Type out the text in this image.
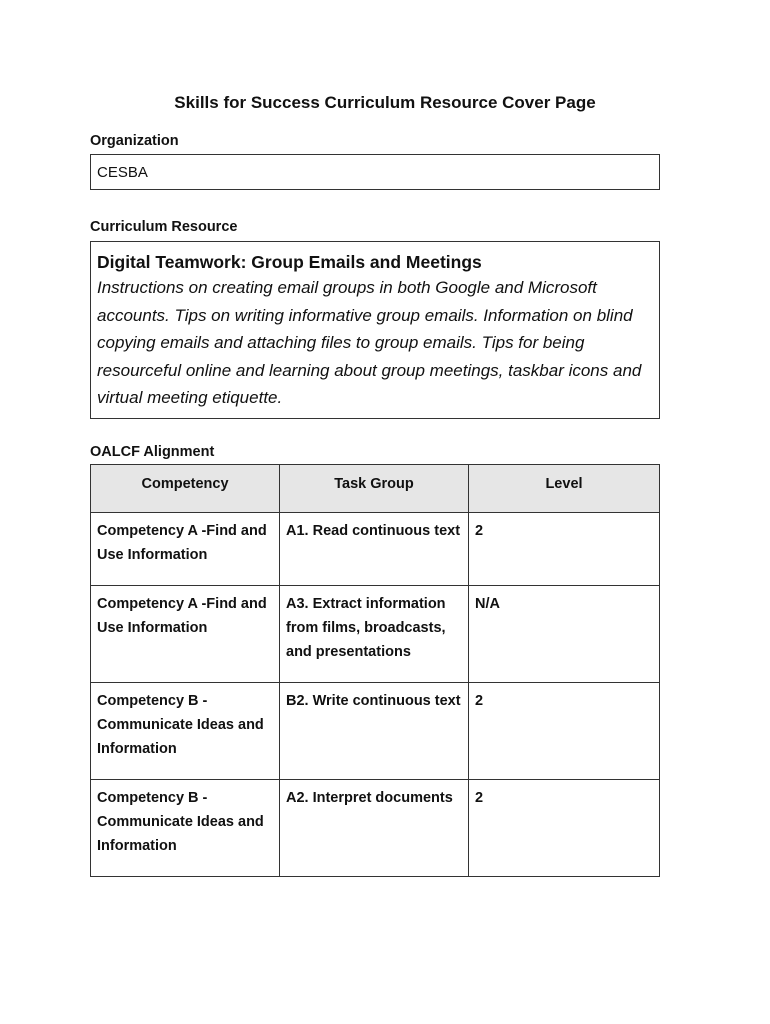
Skills for Success Curriculum Resource Cover Page
Organization
CESBA
Curriculum Resource
Digital Teamwork: Group Emails and Meetings
Instructions on creating email groups in both Google and Microsoft accounts. Tips on writing informative group emails. Information on blind copying emails and attaching files to group emails. Tips for being resourceful online and learning about group meetings, taskbar icons and virtual meeting etiquette.
OALCF Alignment
Competency	Task Group	Level
Competency A -Find and Use Information	A1. Read continuous text	2
Competency A -Find and Use Information	A3. Extract information from films, broadcasts, and presentations	N/A
Competency B - Communicate Ideas and Information	B2. Write continuous text	2
Competency B - Communicate Ideas and Information	A2. Interpret documents	2
